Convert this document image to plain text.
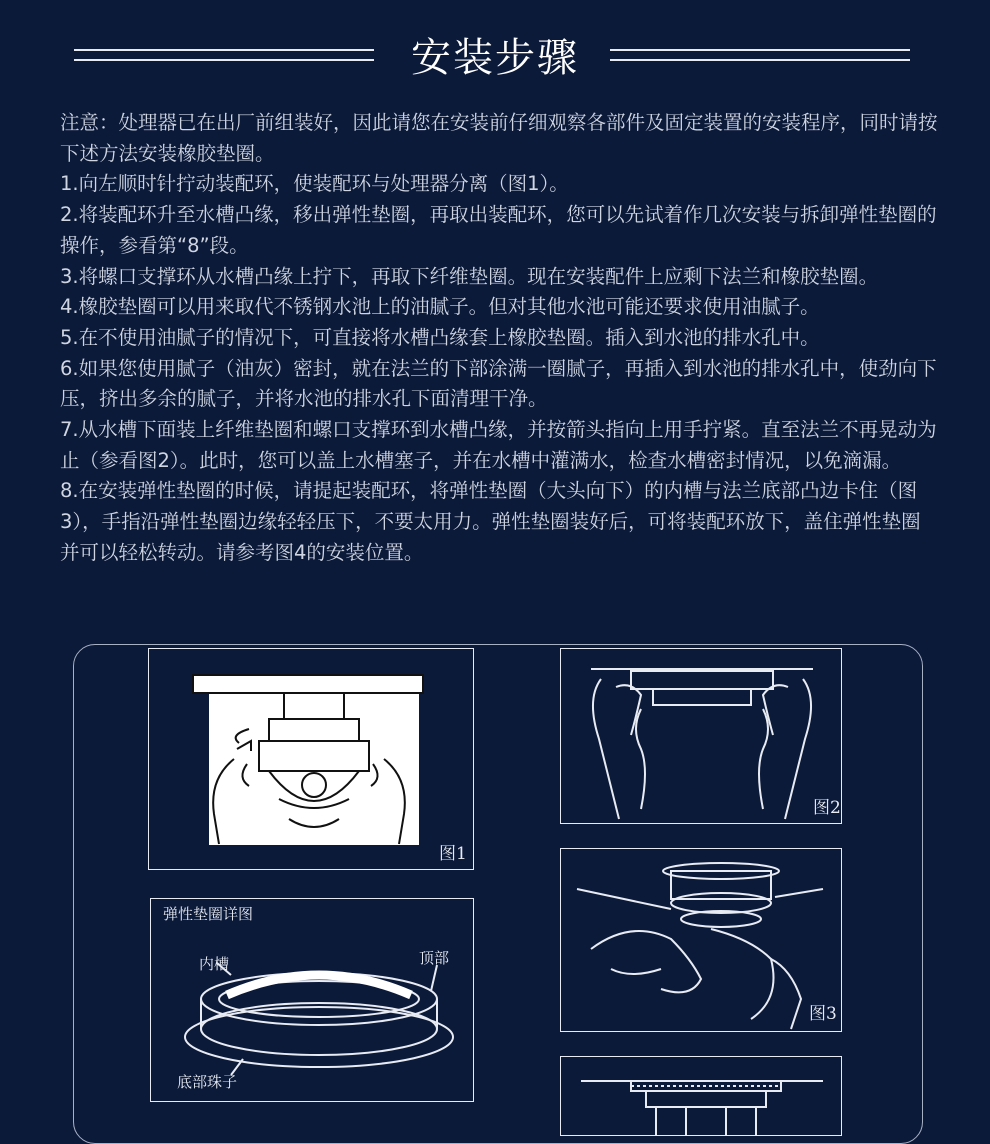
安装步骤

注意：处理器已在出厂前组装好，因此请您在安装前仔细观察各部件及固定装置的安装程序，同时请按下述方法安装橡胶垫圈。

1.向左顺时针拧动装配环，使装配环与处理器分离（图1）。

2.将装配环升至水槽凸缘，移出弹性垫圈，再取出装配环，您可以先试着作几次安装与拆卸弹性垫圈的操作，参看第“8”段。

3.将螺口支撑环从水槽凸缘上拧下，再取下纤维垫圈。现在安装配件上应剩下法兰和橡胶垫圈。

4.橡胶垫圈可以用来取代不锈钢水池上的油腻子。但对其他水池可能还要求使用油腻子。

5.在不使用油腻子的情况下，可直接将水槽凸缘套上橡胶垫圈。插入到水池的排水孔中。

6.如果您使用腻子（油灰）密封，就在法兰的下部涂满一圈腻子，再插入到水池的排水孔中，使劲向下压，挤出多余的腻子，并将水池的排水孔下面清理干净。

7.从水槽下面装上纤维垫圈和螺口支撑环到水槽凸缘，并按箭头指向上用手拧紧。直至法兰不再晃动为止（参看图2）。此时，您可以盖上水槽塞子，并在水槽中灌满水，检查水槽密封情况，以免滴漏。

8.在安装弹性垫圈的时候，请提起装配环，将弹性垫圈（大头向下）的内槽与法兰底部凸边卡住（图3），手指沿弹性垫圈边缘轻轻压下，不要太用力。弹性垫圈装好后，可将装配环放下，盖住弹性垫圈并可以轻松转动。请参考图4的安装位置。

图1
图2
图3
弹性垫圈详图
内槽	顶部
底部珠子
